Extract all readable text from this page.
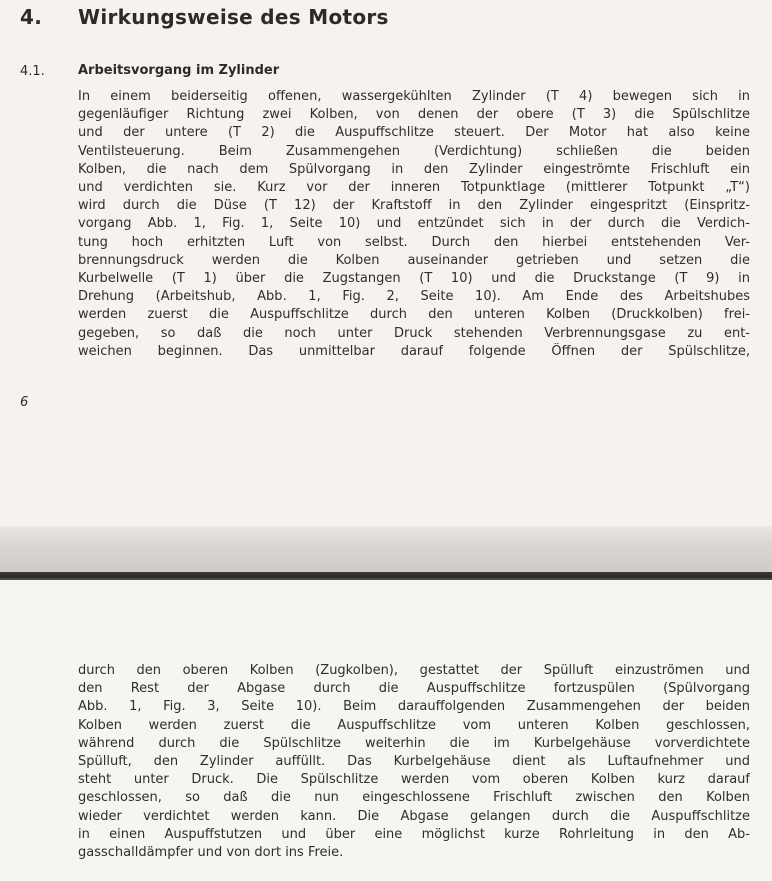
4. Wirkungsweise des Motors
4.1.	Arbeitsvorgang im Zylinder
In einem beiderseitig offenen, wassergekühlten Zylinder (T 4) bewegen sich in
gegenläufiger Richtung zwei Kolben, von denen der obere (T 3) die Spülschlitze
und der untere (T 2) die Auspuffschlitze steuert. Der Motor hat also keine
Ventilsteuerung. Beim Zusammengehen (Verdichtung) schließen die beiden
Kolben, die nach dem Spülvorgang in den Zylinder eingeströmte Frischluft ein
und verdichten sie. Kurz vor der inneren Totpunktlage (mittlerer Totpunkt „T“)
wird durch die Düse (T 12) der Kraftstoff in den Zylinder eingespritzt (Einspritz-
vorgang Abb. 1, Fig. 1, Seite 10) und entzündet sich in der durch die Verdich-
tung hoch erhitzten Luft von selbst. Durch den hierbei entstehenden Ver-
brennungsdruck werden die Kolben auseinander getrieben und setzen die
Kurbelwelle (T 1) über die Zugstangen (T 10) und die Druckstange (T 9) in
Drehung (Arbeitshub, Abb. 1, Fig. 2, Seite 10). Am Ende des Arbeitshubes
werden zuerst die Auspuffschlitze durch den unteren Kolben (Druckkolben) frei-
gegeben, so daß die noch unter Druck stehenden Verbrennungsgase zu ent-
weichen beginnen. Das unmittelbar darauf folgende Öffnen der Spülschlitze,
6
durch den oberen Kolben (Zugkolben), gestattet der Spülluft einzuströmen und
den Rest der Abgase durch die Auspuffschlitze fortzuspülen (Spülvorgang
Abb. 1, Fig. 3, Seite 10). Beim darauffolgenden Zusammengehen der beiden
Kolben werden zuerst die Auspuffschlitze vom unteren Kolben geschlossen,
während durch die Spülschlitze weiterhin die im Kurbelgehäuse vorverdichtete
Spülluft, den Zylinder auffüllt. Das Kurbelgehäuse dient als Luftaufnehmer und
steht unter Druck. Die Spülschlitze werden vom oberen Kolben kurz darauf
geschlossen, so daß die nun eingeschlossene Frischluft zwischen den Kolben
wieder verdichtet werden kann. Die Abgase gelangen durch die Auspuffschlitze
in einen Auspuffstutzen und über eine möglichst kurze Rohrleitung in den Ab-
gasschalldämpfer und von dort ins Freie.
